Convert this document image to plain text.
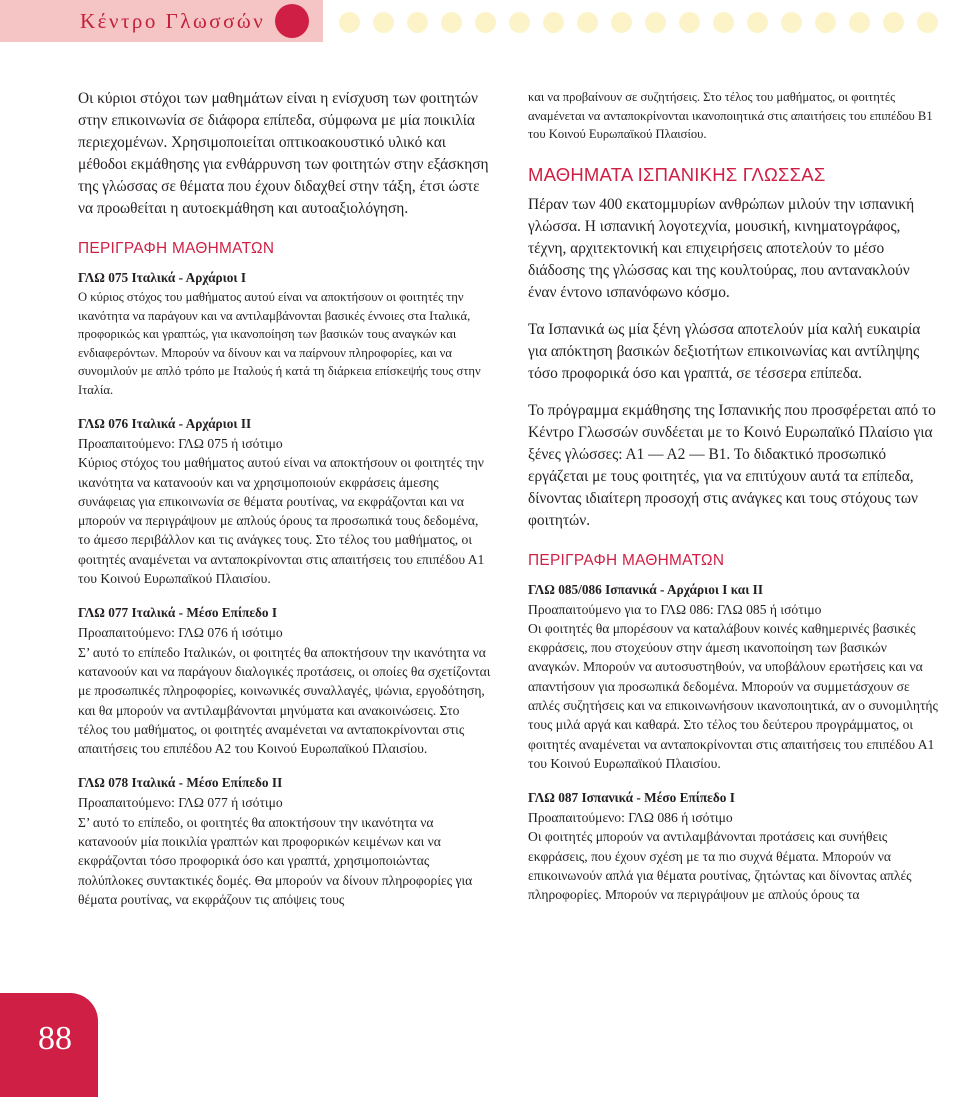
Κέντρο Γλωσσών

Οι κύριοι στόχοι των μαθημάτων είναι η ενίσχυση των φοιτητών στην επικοινωνία σε διάφορα επίπεδα, σύμφωνα με μία ποικιλία περιεχομένων. Χρησιμοποιείται οπτικοακουστικό υλικό και μέθοδοι εκμάθησης για ενθάρρυνση των φοιτητών στην εξάσκηση της γλώσσας σε θέματα που έχουν διδαχθεί στην τάξη, έτσι ώστε να προωθείται η αυτοεκμάθηση και αυτοαξιολόγηση.

ΠΕΡΙΓΡΑΦΗ ΜΑΘΗΜΑΤΩΝ

ΓΛΩ 075 Ιταλικά - Αρχάριοι Ι

Ο κύριος στόχος του μαθήματος αυτού είναι να αποκτήσουν οι φοιτητές την ικανότητα να παράγουν και να αντιλαμβάνονται βασικές έννοιες στα Ιταλικά, προφορικώς και γραπτώς, για ικανοποίηση των βασικών τους αναγκών και ενδιαφερόντων. Μπορούν να δίνουν και να παίρνουν πληροφορίες, και να συνομιλούν με απλό τρόπο με Ιταλούς ή κατά τη διάρκεια επίσκεψής τους στην Ιταλία.

ΓΛΩ 076 Ιταλικά - Αρχάριοι ΙΙ

Προαπαιτούμενο: ΓΛΩ 075 ή ισότιμο

Κύριος στόχος του μαθήματος αυτού είναι να αποκτήσουν οι φοιτητές την ικανότητα να κατανοούν και να χρησιμοποιούν εκφράσεις άμεσης συνάφειας για επικοινωνία σε θέματα ρουτίνας, να εκφράζονται και να μπορούν να περιγράψουν με απλούς όρους τα προσωπικά τους δεδομένα, το άμεσο περιβάλλον και τις ανάγκες τους. Στο τέλος του μαθήματος, οι φοιτητές αναμένεται να ανταποκρίνονται στις απαιτήσεις του επιπέδου Α1 του Κοινού Ευρωπαϊκού Πλαισίου.

ΓΛΩ 077 Ιταλικά - Μέσο Επίπεδο Ι

Προαπαιτούμενο: ΓΛΩ 076 ή ισότιμο

Σ’ αυτό το επίπεδο Ιταλικών, οι φοιτητές θα αποκτήσουν την ικανότητα να κατανοούν και να παράγουν διαλογικές προτάσεις, οι οποίες θα σχετίζονται με προσωπικές πληροφορίες, κοινωνικές συναλλαγές, ψώνια, εργοδότηση, και θα μπορούν να αντιλαμβάνονται μηνύματα και ανακοινώσεις. Στο τέλος του μαθήματος, οι φοιτητές αναμένεται να ανταποκρίνονται στις απαιτήσεις του επιπέδου Α2 του Κοινού Ευρωπαϊκού Πλαισίου.

ΓΛΩ 078 Ιταλικά - Μέσο Επίπεδο ΙΙ

Προαπαιτούμενο: ΓΛΩ 077 ή ισότιμο

Σ’ αυτό το επίπεδο, οι φοιτητές θα αποκτήσουν την ικανότητα να κατανοούν μία ποικιλία γραπτών και προφορικών κειμένων και να εκφράζονται τόσο προφορικά όσο και γραπτά, χρησιμοποιώντας πολύπλοκες συντακτικές δομές. Θα μπορούν να δίνουν πληροφορίες για θέματα ρουτίνας, να εκφράζουν τις απόψεις τους

και να προβαίνουν σε συζητήσεις. Στο τέλος του μαθήματος, οι φοιτητές αναμένεται να ανταποκρίνονται ικανοποιητικά στις απαιτήσεις του επιπέδου Β1 του Κοινού Ευρωπαϊκού Πλαισίου.

ΜΑΘΗΜΑΤΑ ΙΣΠΑΝΙΚΗΣ ΓΛΩΣΣΑΣ

Πέραν των 400 εκατομμυρίων ανθρώπων μιλούν την ισπανική γλώσσα. Η ισπανική λογοτεχνία, μουσική, κινηματογράφος, τέχνη, αρχιτεκτονική και επιχειρήσεις αποτελούν το μέσο διάδοσης της γλώσσας και της κουλτούρας, που αντανακλούν έναν έντονο ισπανόφωνο κόσμο.

Τα Ισπανικά ως μία ξένη γλώσσα αποτελούν μία καλή ευκαιρία για απόκτηση βασικών δεξιοτήτων επικοινωνίας και αντίληψης τόσο προφορικά όσο και γραπτά, σε τέσσερα επίπεδα.

Το πρόγραμμα εκμάθησης της Ισπανικής που προσφέρεται από το Κέντρο Γλωσσών συνδέεται με το Κοινό Ευρωπαϊκό Πλαίσιο για ξένες γλώσσες: Α1 — Α2 — Β1. Το διδακτικό προσωπικό εργάζεται με τους φοιτητές, για να επιτύχουν αυτά τα επίπεδα, δίνοντας ιδιαίτερη προσοχή στις ανάγκες και τους στόχους των φοιτητών.

ΠΕΡΙΓΡΑΦΗ ΜΑΘΗΜΑΤΩΝ

ΓΛΩ 085/086 Ισπανικά - Αρχάριοι Ι και ΙΙ

Προαπαιτούμενο για το ΓΛΩ 086: ΓΛΩ 085 ή ισότιμο

Οι φοιτητές θα μπορέσουν να καταλάβουν κοινές καθημερινές βασικές εκφράσεις, που στοχεύουν στην άμεση ικανοποίηση των βασικών αναγκών. Μπορούν να αυτοσυστηθούν, να υποβάλουν ερωτήσεις και να απαντήσουν για προσωπικά δεδομένα. Μπορούν να συμμετάσχουν σε απλές συζητήσεις και να επικοινωνήσουν ικανοποιητικά, αν ο συνομιλητής τους μιλά αργά και καθαρά. Στο τέλος του δεύτερου προγράμματος, οι φοιτητές αναμένεται να ανταποκρίνονται στις απαιτήσεις του επιπέδου Α1 του Κοινού Ευρωπαϊκού Πλαισίου.

ΓΛΩ 087 Ισπανικά - Μέσο Επίπεδο Ι

Προαπαιτούμενο: ΓΛΩ 086 ή ισότιμο

Οι φοιτητές μπορούν να αντιλαμβάνονται προτάσεις και συνήθεις εκφράσεις, που έχουν σχέση με τα πιο συχνά θέματα. Μπορούν να επικοινωνούν απλά για θέματα ρουτίνας, ζητώντας και δίνοντας απλές πληροφορίες. Μπορούν να περιγράψουν με απλούς όρους τα

88
